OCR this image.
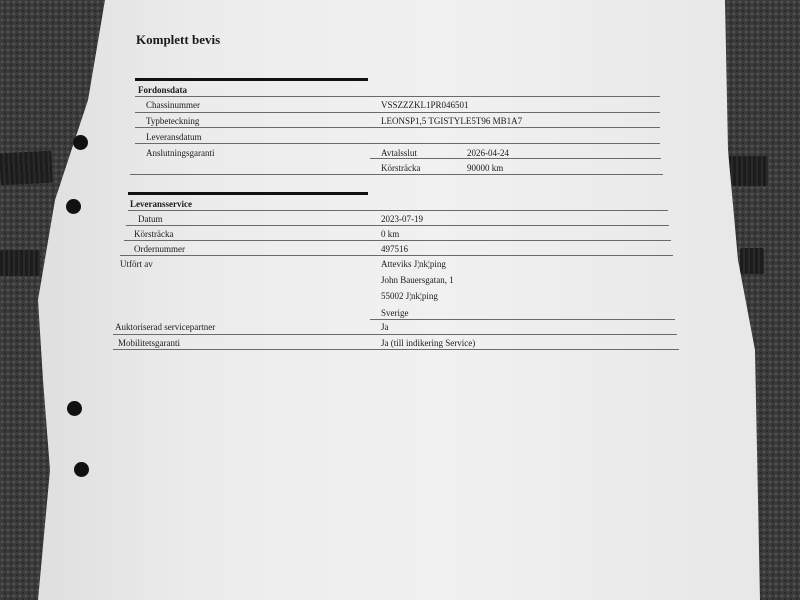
Komplett bevis
Fordonsdata
Chassinummer	VSSZZZKL1PR046501
Typbeteckning	LEONSP1,5 TGISTYLE5T96 MB1A7
Leveransdatum
Anslutningsgaranti	Avtalsslut	2026-04-24
Körsträcka	90000 km
Leveransservice
Datum	2023-07-19
Körsträcka	0 km
Ordernummer	497516
Utfört av	Atteviks J¦nk¦ping
John Bauersgatan, 1
55002 J¦nk¦ping
Sverige
Auktoriserad servicepartner	Ja
Mobilitetsgaranti	Ja (till indikering Service)
